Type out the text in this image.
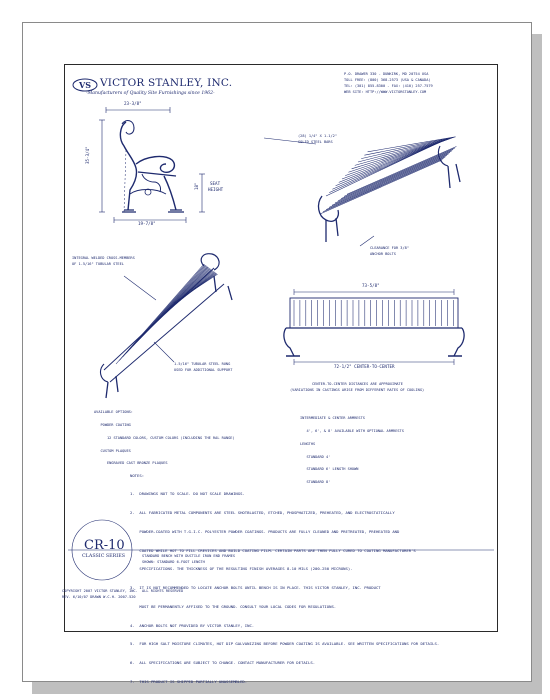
VS VICTOR STANLEY, INC.

-Manufacturers of Quality Site Furnishings since 1962-

P.O. DRAWER 330 - DUNKIRK, MD 20754 USA

TOLL FREE: (800) 368-2573 (USA & CANADA)

TEL: (301) 855-8300 - FAX: (410) 257-7579

WEB SITE: HTTP://WWW.VICTORSTANLEY.COM

23-3/8"

35-3/4"

18"	SEAT

HEIGHT

19-7/8"

73-5/8"

72-1/2" CENTER-TO-CENTER

(28) 1/4" X 1-1/2"

SOLID STEEL BARS

INTEGRAL WELDED CROSS-MEMBERS

OF 1-5/16" TUBULAR STEEL

CLEARANCE FOR 3/8"

ANCHOR BOLTS

1-5/16" TUBULAR STEEL RUNG

USED FOR ADDITIONAL SUPPORT

CENTER-TO-CENTER DISTANCES ARE APPROXIMATE

(VARIATIONS IN CASTINGS ARISE FROM DIFFERENT RATES OF COOLING)

AVAILABLE OPTIONS:

POWDER COATING

12 STANDARD COLORS, CUSTOM COLORS (INCLUDING THE RAL RANGE)

CUSTOM PLAQUES

ENGRAVED CAST BRONZE PLAQUES

INTERMEDIATE & CENTER ARMRESTS

4', 6', & 8' AVAILABLE WITH OPTIONAL ARMRESTS

LENGTHS

STANDARD 4'

STANDARD 6' LENGTH SHOWN

STANDARD 8'

NOTES:

1.  DRAWINGS NOT TO SCALE. DO NOT SCALE DRAWINGS.

2.  ALL FABRICATED METAL COMPONENTS ARE STEEL SHOTBLASTED, ETCHED, PHOSPHATIZED, PREHEATED, AND ELECTROSTATICALLY

POWDER-COATED WITH T.G.I.C. POLYESTER POWDER COATINGS. PRODUCTS ARE FULLY CLEANED AND PRETREATED, PREHEATED AND

COATED WHILE HOT TO FILL CREVICES AND BUILD COATING FILM. CERTAIN PARTS ARE THEN FULLY CURED TO COATING MANUFACTURER'S

SPECIFICATIONS. THE THICKNESS OF THE RESULTING FINISH AVERAGES 8-10 MILS (200-250 MICRONS).

3.  IT IS NOT RECOMMENDED TO LOCATE ANCHOR BOLTS UNTIL BENCH IS IN PLACE. THIS VICTOR STANLEY, INC. PRODUCT

MUST BE PERMANENTLY AFFIXED TO THE GROUND. CONSULT YOUR LOCAL CODES FOR REGULATIONS.

4.  ANCHOR BOLTS NOT PROVIDED BY VICTOR STANLEY, INC.

5.  FOR HIGH SALT MOISTURE CLIMATES, HOT DIP GALVANIZING BEFORE POWDER COATING IS AVAILABLE. SEE WRITTEN SPECIFICATIONS FOR DETAILS.

6.  ALL SPECIFICATIONS ARE SUBJECT TO CHANGE. CONTACT MANUFACTURER FOR DETAILS.

7.  THIS PRODUCT IS SHIPPED PARTIALLY UNASSEMBLED.

CR-10

CLASSIC SERIES	STANDARD BENCH WITH DUCTILE IRON END FRAMES

SHOWN: STANDARD 6-FOOT LENGTH

COPYRIGHT 2007 VICTOR STANLEY, INC.  ALL RIGHTS RESERVED

REV. 6/10/07 DRAWN W.C.H. 2007-520
